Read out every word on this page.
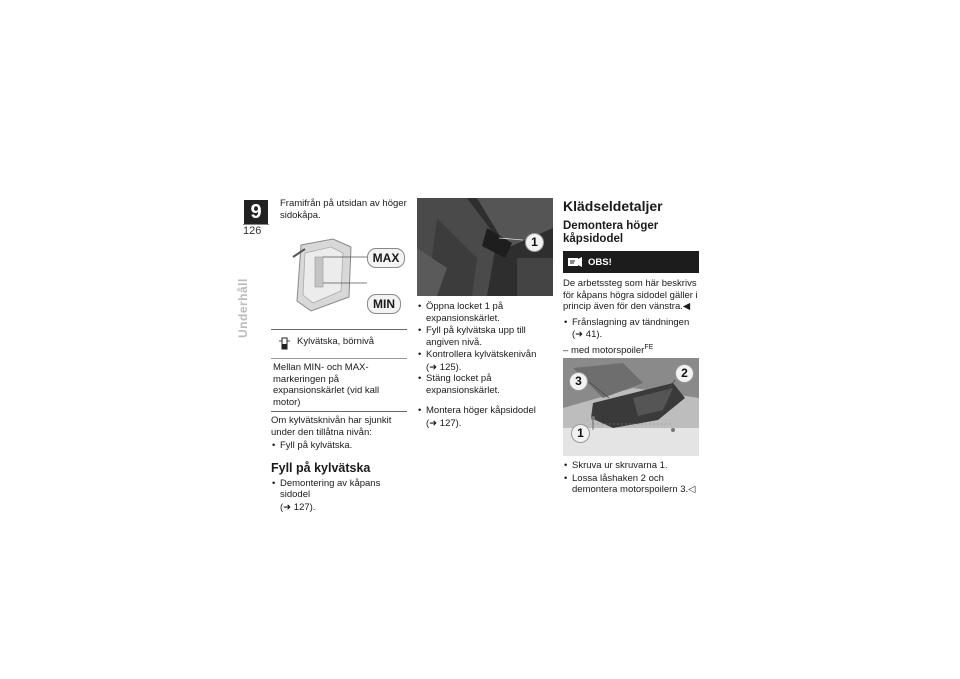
9
126
Underhåll

Framifrån på utsidan av höger sidokåpa.

MAX
MIN
Kylvätska, börnivå
Mellan MIN- och MAX-markeringen på expansionskärlet (vid kall motor)

Om kylvätsknivån har sjunkit under den tillåtna nivån:

• Fyll på kylvätska.
Fyll på kylvätska
• Demontering av kåpans sidodel
(➜ 127).
1
• Öppna locket 1 på expansionskärlet.
• Fyll på kylvätska upp till angiven nivå.
• Kontrollera kylvätskenivån
(➜ 125).
• Stäng locket på expansionskärlet.
• Montera höger kåpsidodel
(➜ 127).
Klädseldetaljer
Demontera höger kåpsidodel
OBS!

De arbetssteg som här beskrivs för kåpans högra sidodel gäller i princip även för den vänstra.◀

• Frånslagning av tändningen
(➜ 41).
– med motorspoiler$^{FE}$
3
2
1
• Skruva ur skruvarna 1.
• Lossa låshaken 2 och demontera motorspoilern 3.◁
